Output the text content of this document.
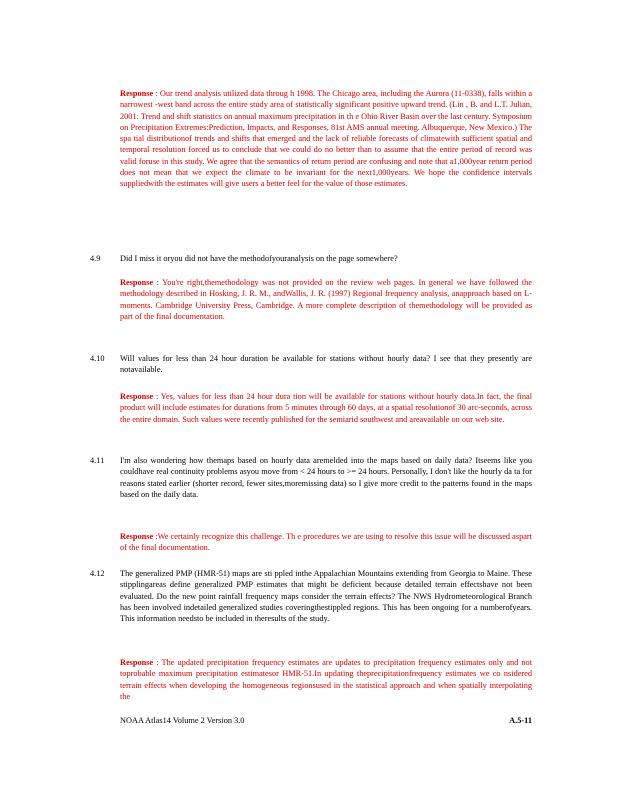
Response : Our trend analysis utilized data throug h 1998. The Chicago area, including the Aurora (11-0338), falls within a narrowest -west band across the entire study area of statistically significant positive upward trend. (Lin , B. and L.T. Julian, 2001: Trend and shift statistics on annual maximum precipitation in th e Ohio River Basin over the last century. Symposium on Precipitation Extremes:Prediction, Impacts, and Responses, 81st AMS annual meeting. Albuquerque, New Mexico.) The spa tial distributionof trends and shifts that emerged and the lack of reliable forecasts of climatewith sufficient spatial and temporal resolution forced us to conclude that we could do no better than to assume that the entire period of record was valid foruse in this study. We agree that the semantics of return period are confusing and note that a1,000year return period does not mean that we expect the climate to be invariant for the next1,000years. We hope the confidence intervals suppliedwith the estimates will give users a better feel for the value of those estimates.
4.9 Did I miss it oryou did not have the methodofyouranalysis on the page somewhere?
Response : You're right,themethodology was not provided on the review web pages. In general we have followed the methodology described in Hosking, J. R. M., andWallis, J. R. (1997) Regional frequency analysis, anapproach based on L-moments. Cambridge University Press, Cambridge. A more complete description of themethodology will be provided as part of the final documentation.
4.10 Will values for less than 24 hour duration be available for stations without hourly data? I see that they presently are notavailable.
Response : Yes, values for less than 24 hour dura tion will be available for stations without hourly data.In fact, the final product will include estimates for durations from 5 minutes through 60 days, at a spatial resolutionof 30 arc-seconds, across the entire domain. Such values were recently published for the semiarid southwest and areavailable on our web site.
4.11 I'm also wondering how themaps based on hourly data aremelded into the maps based on daily data? Itseems like you couldhave real continuity problems asyou move from < 24 hours to >= 24 hours. Personally, I don't like the hourly da ta for reasons stated earlier (shorter record, fewer sites,moremissing data) so I give more credit to the patterns found in the maps based on the daily data.
Response :We certainly recognize this challenge. Th e procedures we are using to resolve this issue will be discussed aspart of the final documentation.
4.12 The generalized PMP (HMR-51) maps are sti ppled inthe Appalachian Mountains extending from Georgia to Maine. These stipplingareas define generalized PMP estimates that might be deficient because detailed terrain effectshave not been evaluated. Do the new point rainfall frequency maps consider the terrain effects? The NWS Hydrometeorological Branch has been involved indetailed generalized studies coveringthestippled regions. This has been ongoing for a numberofyears. This information needsto be included in theresults of the study.
Response : The updated precipitation frequency estimates are updates to precipitation frequency estimates only and not toprobable maximum precipitation estimatesor HMR-51.In updating theprecipitationfrequency estimates we co nsidered terrain effects when developing the homogeneous regionsused in the statistical approach and when spatially interpolating the
NOAA Atlas14 Volume 2 Version 3.0	A.5-11
